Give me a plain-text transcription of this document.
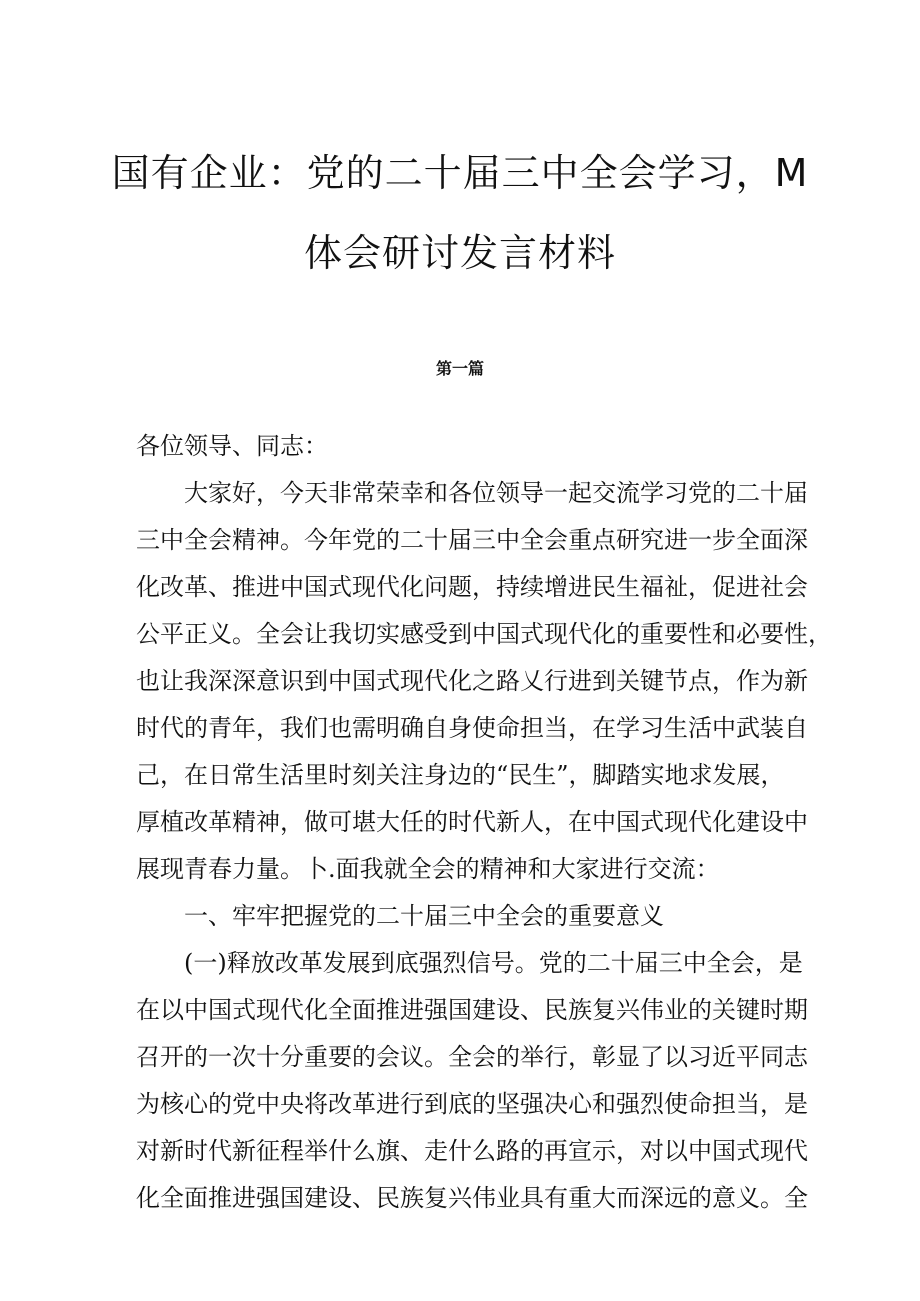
国有企业：党的二十届三中全会学习，M
体会研讨发言材料
第一篇
各位领导、同志：
　　大家好，今天非常荣幸和各位领导一起交流学习党的二十届
三中全会精神。今年党的二十届三中全会重点研究进一步全面深
化改革、推进中国式现代化问题，持续增进民生福祉，促进社会
公平正义。全会让我切实感受到中国式现代化的重要性和必要性，
也让我深深意识到中国式现代化之路乂行进到关键节点，作为新
时代的青年，我们也需明确自身使命担当，在学习生活中武装自
己，在日常生活里时刻关注身边的“民生”，脚踏实地求发展，
厚植改革精神，做可堪大任的时代新人，在中国式现代化建设中
展现青春力量。卜.面我就全会的精神和大家进行交流：
　　一、牢牢把握党的二十届三中全会的重要意义
　　(一)释放改革发展到底强烈信号。党的二十届三中全会，是
在以中国式现代化全面推进强国建设、民族复兴伟业的关键时期
召开的一次十分重要的会议。全会的举行，彰显了以习近平同志
为核心的党中央将改革进行到底的坚强决心和强烈使命担当，是
对新时代新征程举什么旗、走什么路的再宣示，对以中国式现代
化全面推进强国建设、民族复兴伟业具有重大而深远的意义。全
